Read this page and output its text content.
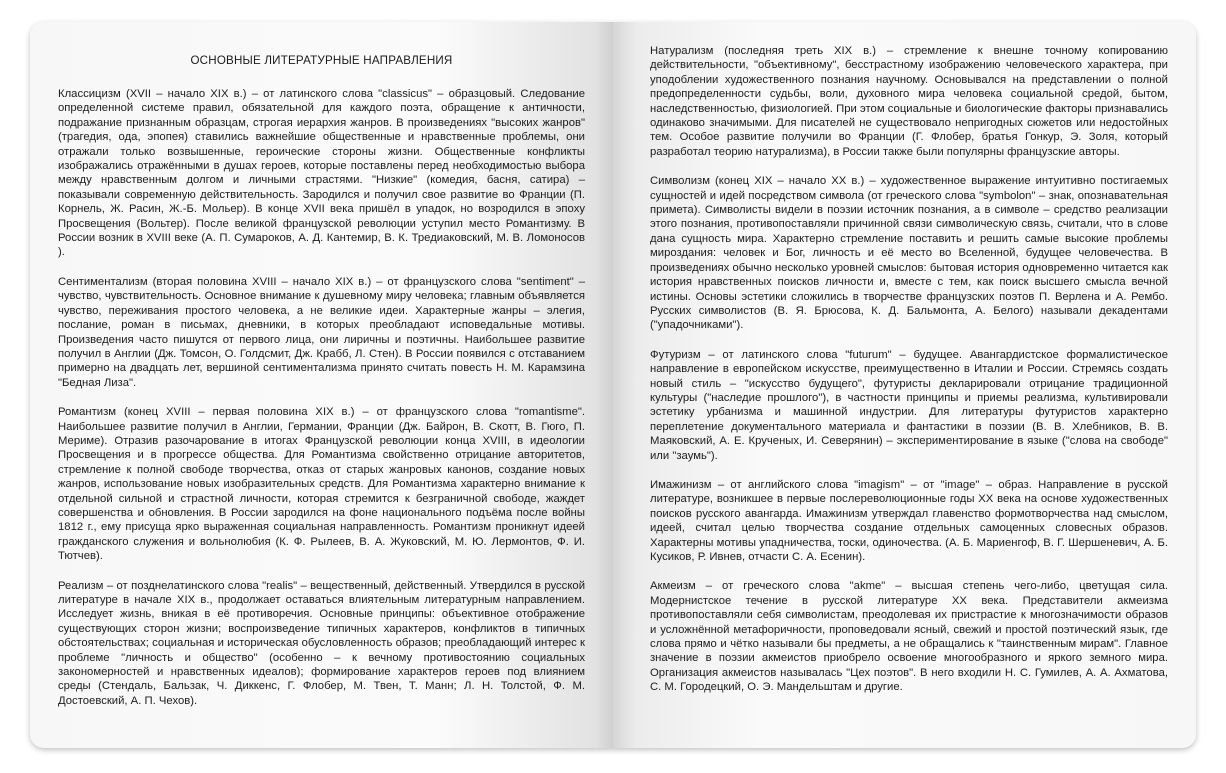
ОСНОВНЫЕ ЛИТЕРАТУРНЫЕ НАПРАВЛЕНИЯ

Классицизм (XVII – начало XIX в.) – от латинского слова "classicus" – образцовый. Следование определенной системе правил, обязательной для каждого поэта, обращение к античности, подражание признанным образцам, строгая иерархия жанров. В произведениях "высоких жанров" (трагедия, ода, эпопея) ставились важнейшие общественные и нравственные проблемы, они отражали только возвышенные, героические стороны жизни. Общественные конфликты изображались отражёнными в душах героев, которые поставлены перед необходимостью выбора между нравственным долгом и личными страстями. "Низкие" (комедия, басня, сатира) – показывали современную действительность. Зародился и получил свое развитие во Франции (П. Корнель, Ж. Расин, Ж.-Б. Мольер). В конце XVII века пришёл в упадок, но возродился в эпоху Просвещения (Вольтер). После великой французской революции уступил место Романтизму. В России возник в XVIII веке (А. П. Сумароков, А. Д. Кантемир, В. К. Тредиаковский, М. В. Ломоносов ).

Сентиментализм (вторая половина XVIII – начало XIX в.) – от французского слова "sentiment" – чувство, чувствительность. Основное внимание к душевному миру человека; главным объявляется чувство, переживания простого человека, а не великие идеи. Характерные жанры – элегия, послание, роман в письмах, дневники, в которых преобладают исповедальные мотивы. Произведения часто пишутся от первого лица, они лиричны и поэтичны. Наибольшее развитие получил в Англии (Дж. Томсон, О. Голдсмит, Дж. Крабб, Л. Стен). В России появился с отставанием примерно на двадцать лет, вершиной сентиментализма принято считать повесть Н. М. Карамзина "Бедная Лиза".

Романтизм (конец XVIII – первая половина XIX в.) – от французского слова "romantisme". Наибольшее развитие получил в Англии, Германии, Франции (Дж. Байрон, В. Скотт, В. Гюго, П. Мериме). Отразив разочарование в итогах Французской революции конца XVIII, в идеологии Просвещения и в прогрессе общества. Для Романтизма свойственно отрицание авторитетов, стремление к полной свободе творчества, отказ от старых жанровых канонов, создание новых жанров, использование новых изобразительных средств. Для Романтизма характерно внимание к отдельной сильной и страстной личности, которая стремится к безграничной свободе, жаждет совершенства и обновления. В России зародился на фоне национального подъёма после войны 1812 г., ему присуща ярко выраженная социальная направленность. Романтизм проникнут идеей гражданского служения и вольнолюбия (К. Ф. Рылеев, В. А. Жуковский, М. Ю. Лермонтов, Ф. И. Тютчев).

Реализм – от позднелатинского слова "realis" – вещественный, действенный. Утвердился в русской литературе в начале XIX в., продолжает оставаться влиятельным литературным направлением. Исследует жизнь, вникая в её противоречия. Основные принципы: объективное отображение существующих сторон жизни; воспроизведение типичных характеров, конфликтов в типичных обстоятельствах; социальная и историческая обусловленность образов; преобладающий интерес к проблеме "личность и общество" (особенно – к вечному противостоянию социальных закономерностей и нравственных идеалов); формирование характеров героев под влиянием среды (Стендаль, Бальзак, Ч. Диккенс, Г. Флобер, М. Твен, Т. Манн; Л. Н. Толстой, Ф. М. Достоевский, А. П. Чехов).

Натурализм (последняя треть XIX в.) – стремление к внешне точному копированию действительности, "объективному", бесстрастному изображению человеческого характера, при уподоблении художественного познания научному. Основывался на представлении о полной предопределенности судьбы, воли, духовного мира человека социальной средой, бытом, наследственностью, физиологией. При этом социальные и биологические факторы признавались одинаково значимыми. Для писателей не существовало непригодных сюжетов или недостойных тем. Особое развитие получили во Франции (Г. Флобер, братья Гонкур, Э. Золя, который разработал теорию натурализма), в России также были популярны французские авторы.

Символизм (конец XIX – начало XX в.) – художественное выражение интуитивно постигаемых сущностей и идей посредством символа (от греческого слова "symbolon" – знак, опознавательная примета). Символисты видели в поэзии источник познания, а в символе – средство реализации этого познания, противопоставляли причинной связи символическую связь, считали, что в слове дана сущность мира. Характерно стремление поставить и решить самые высокие проблемы мироздания: человек и Бог, личность и её место во Вселенной, будущее человечества. В произведениях обычно несколько уровней смыслов: бытовая история одновременно читается как история нравственных поисков личности и, вместе с тем, как поиск высшего смысла вечной истины. Основы эстетики сложились в творчестве французских поэтов П. Верлена и А. Рембо. Русских символистов (В. Я. Брюсова, К. Д. Бальмонта, А. Белого) называли декадентами ("упадочниками").

Футуризм – от латинского слова "futurum" – будущее. Авангардистское формалистическое направление в европейском искусстве, преимущественно в Италии и России. Стремясь создать новый стиль – "искусство будущего", футуристы декларировали отрицание традиционной культуры ("наследие прошлого"), в частности принципы и приемы реализма, культивировали эстетику урбанизма и машинной индустрии. Для литературы футуристов характерно переплетение документального материала и фантастики в поэзии (В. В. Хлебников, В. В. Маяковский, А. Е. Крученых, И. Северянин) – экспериментирование в языке ("слова на свободе" или "заумь").

Имажинизм – от английского слова "imagism" – от "image" – образ. Направление в русской литературе, возникшее в первые послереволюционные годы XX века на основе художественных поисков русского авангарда. Имажинизм утверждал главенство формотворчества над смыслом, идеей, считал целью творчества создание отдельных самоценных словесных образов. Характерны мотивы упадничества, тоски, одиночества. (А. Б. Мариенгоф, В. Г. Шершеневич, А. Б. Кусиков, Р. Ивнев, отчасти С. А. Есенин).

Акмеизм – от греческого слова "akme" – высшая степень чего-либо, цветущая сила. Модернистское течение в русской литературе XX века. Представители акмеизма противопоставляли себя символистам, преодолевая их пристрастие к многозначимости образов и усложнённой метафоричности, проповедовали ясный, свежий и простой поэтический язык, где слова прямо и чётко называли бы предметы, а не обращались к "таинственным мирам". Главное значение в поэзии акмеистов приобрело освоение многообразного и яркого земного мира. Организация акмеистов называлась "Цех поэтов". В него входили Н. С. Гумилев, А. А. Ахматова, С. М. Городецкий, О. Э. Мандельштам и другие.
